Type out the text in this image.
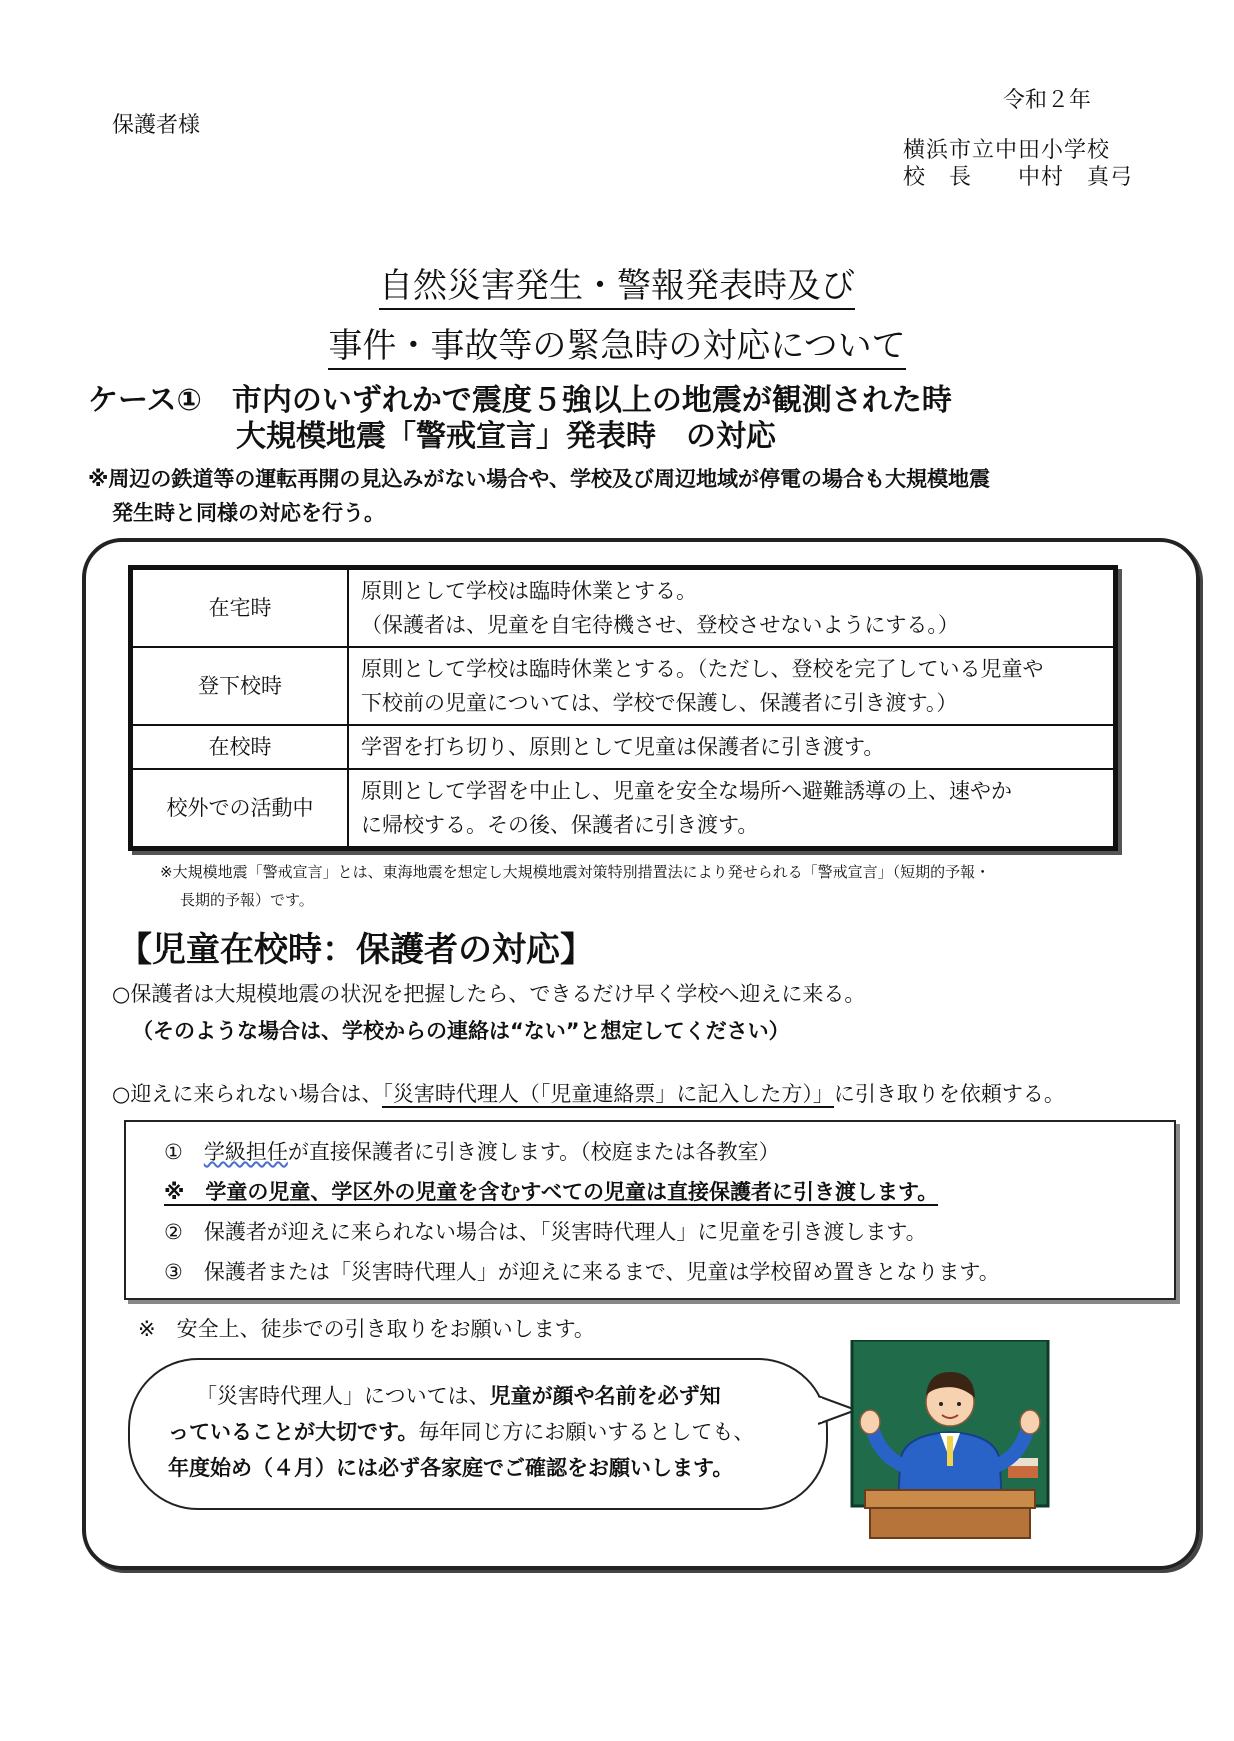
保護者様
令和２年
横浜市立中田小学校
校　長　　中村　真弓
自然災害発生・警報発表時及び
事件・事故等の緊急時の対応について
ケース①　市内のいずれかで震度５強以上の地震が観測された時
大規模地震「警戒宣言」発表時　の対応
※周辺の鉄道等の運転再開の見込みがない場合や、学校及び周辺地域が停電の場合も大規模地震
発生時と同様の対応を行う。
在宅時	原則として学校は臨時休業とする。
（保護者は、児童を自宅待機させ、登校させないようにする。）

登下校時	原則として学校は臨時休業とする。（ただし、登校を完了している児童や
下校前の児童については、学校で保護し、保護者に引き渡す。）

在校時	学習を打ち切り、原則として児童は保護者に引き渡す。

校外での活動中	原則として学習を中止し、児童を安全な場所へ避難誘導の上、速やか
に帰校する。その後、保護者に引き渡す。
※大規模地震「警戒宣言」とは、東海地震を想定し大規模地震対策特別措置法により発せられる「警戒宣言」（短期的予報・
長期的予報）です。
【児童在校時：保護者の対応】
○保護者は大規模地震の状況を把握したら、できるだけ早く学校へ迎えに来る。
（そのような場合は、学校からの連絡は“ない”と想定してください）
○迎えに来られない場合は、「災害時代理人（「児童連絡票」に記入した方）」に引き取りを依頼する。
①　 学級担任が直接保護者に引き渡します。（校庭または各教室）
※　学童の児童、学区外の児童を含むすべての児童は直接保護者に引き渡します。
②　保護者が迎えに来られない場合は、「災害時代理人」に児童を引き渡します。
③　保護者または「災害時代理人」が迎えに来るまで、児童は学校留め置きとなります。
※　安全上、徒歩での引き取りをお願いします。
「災害時代理人」については、児童が顔や名前を必ず知
っていることが大切です。毎年同じ方にお願いするとしても、
年度始め（４月）には必ず各家庭でご確認をお願いします。
